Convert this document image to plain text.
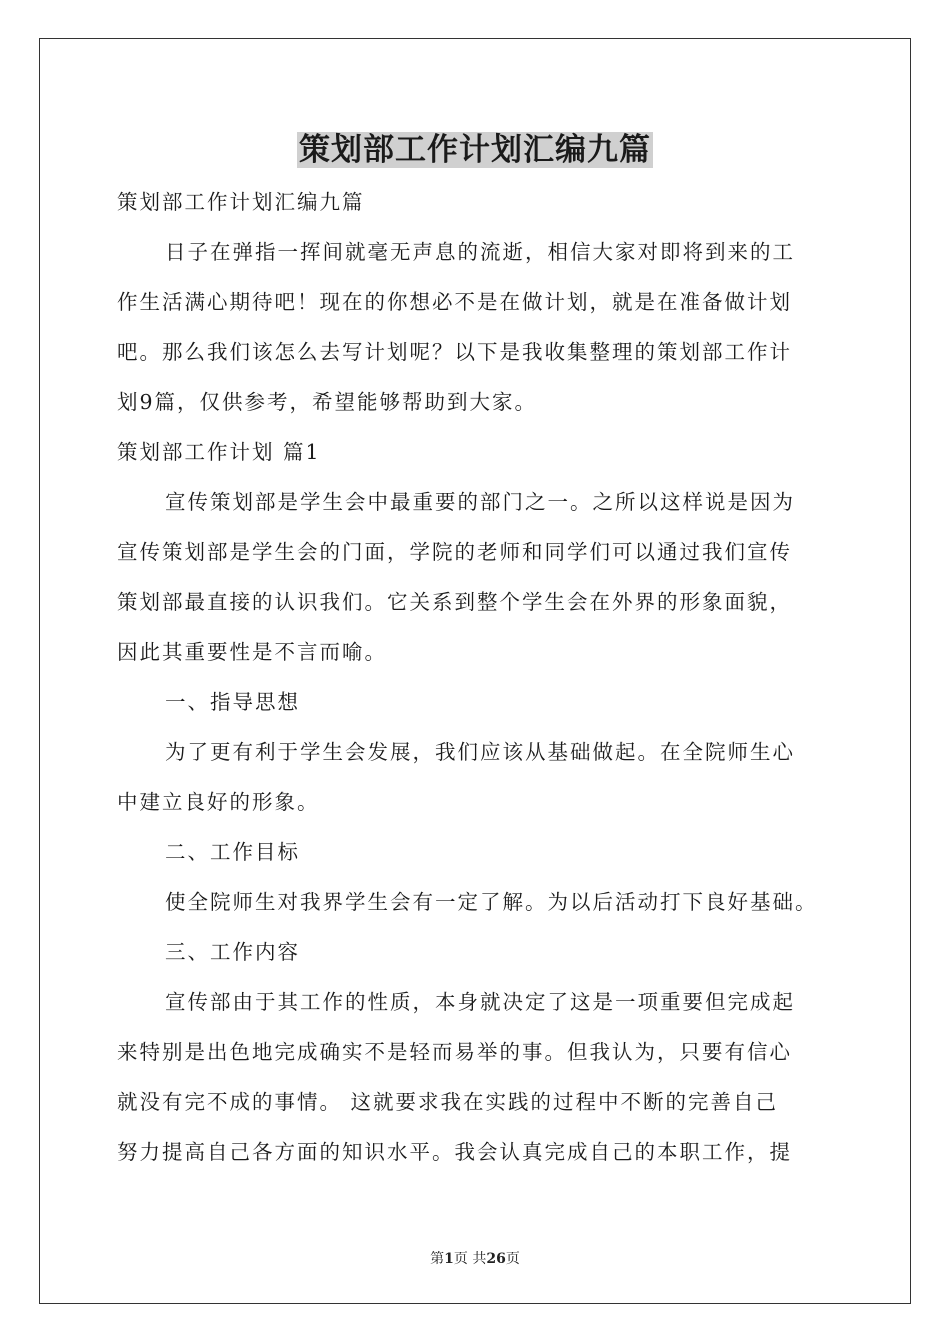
策划部工作计划汇编九篇
策划部工作计划汇编九篇
日子在弹指一挥间就毫无声息的流逝，相信大家对即将到来的工
作生活满心期待吧！现在的你想必不是在做计划，就是在准备做计划
吧。那么我们该怎么去写计划呢？以下是我收集整理的策划部工作计
划9篇，仅供参考，希望能够帮助到大家。
策划部工作计划 篇1
宣传策划部是学生会中最重要的部门之一。之所以这样说是因为
宣传策划部是学生会的门面，学院的老师和同学们可以通过我们宣传
策划部最直接的认识我们。它关系到整个学生会在外界的形象面貌，
因此其重要性是不言而喻。
一、指导思想
为了更有利于学生会发展，我们应该从基础做起。在全院师生心
中建立良好的形象。
二、工作目标
使全院师生对我界学生会有一定了解。为以后活动打下良好基础。
三、工作内容
宣传部由于其工作的性质，本身就决定了这是一项重要但完成起
来特别是出色地完成确实不是轻而易举的事。但我认为，只要有信心
就没有完不成的事情。 这就要求我在实践的过程中不断的完善自己
努力提高自己各方面的知识水平。我会认真完成自己的本职工作，提
第1页 共26页
